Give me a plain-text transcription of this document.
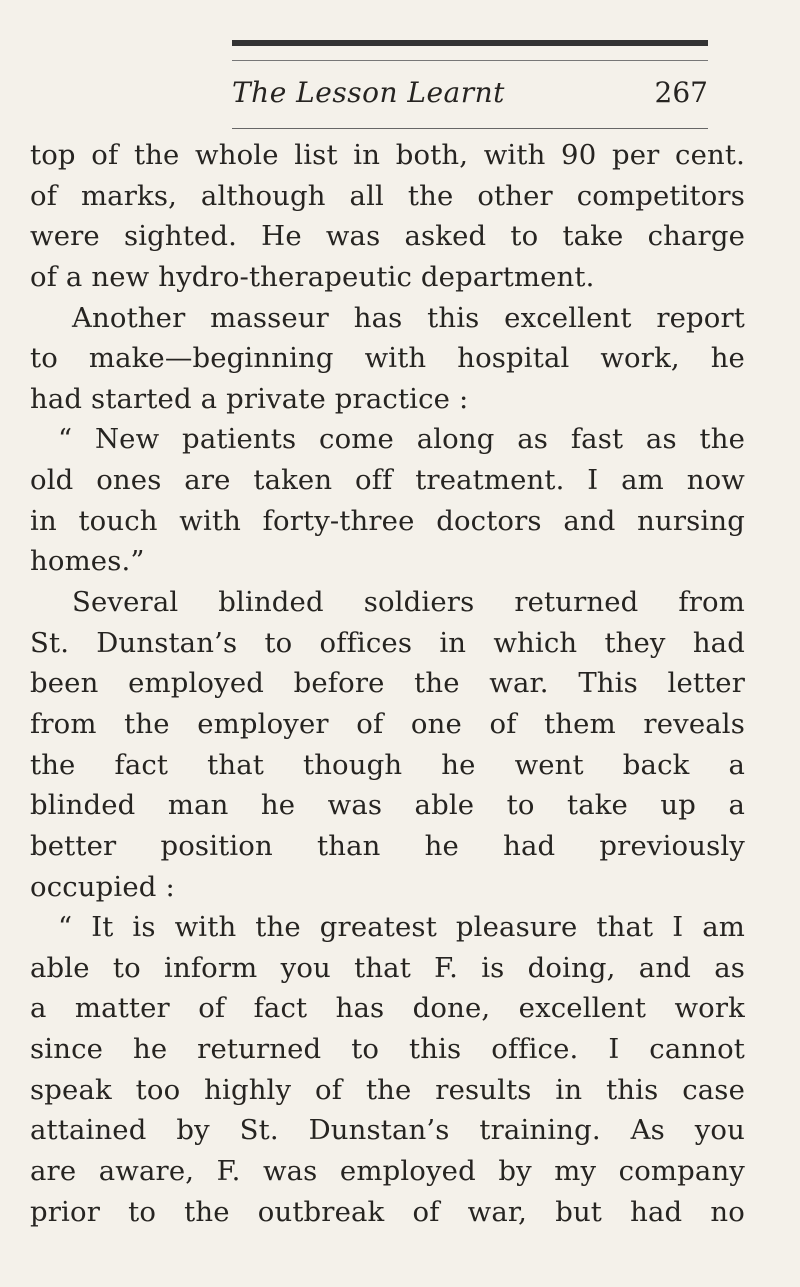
The Lesson Learnt	267
top of the whole list in both, with 90 per cent.
of marks, although all the other competitors
were sighted. He was asked to take charge
of a new hydro-therapeutic department.
Another masseur has this excellent report
to make—beginning with hospital work, he
had started a private practice :
“ New patients come along as fast as the
old ones are taken off treatment. I am now
in touch with forty-three doctors and nursing
homes.”
Several blinded soldiers returned from
St. Dunstan’s to offices in which they had
been employed before the war. This letter
from the employer of one of them reveals
the fact that though he went back a
blinded man he was able to take up a
better position than he had previously
occupied :
“ It is with the greatest pleasure that I am
able to inform you that F. is doing, and as
a matter of fact has done, excellent work
since he returned to this office. I cannot
speak too highly of the results in this case
attained by St. Dunstan’s training. As you
are aware, F. was employed by my company
prior to the outbreak of war, but had no
